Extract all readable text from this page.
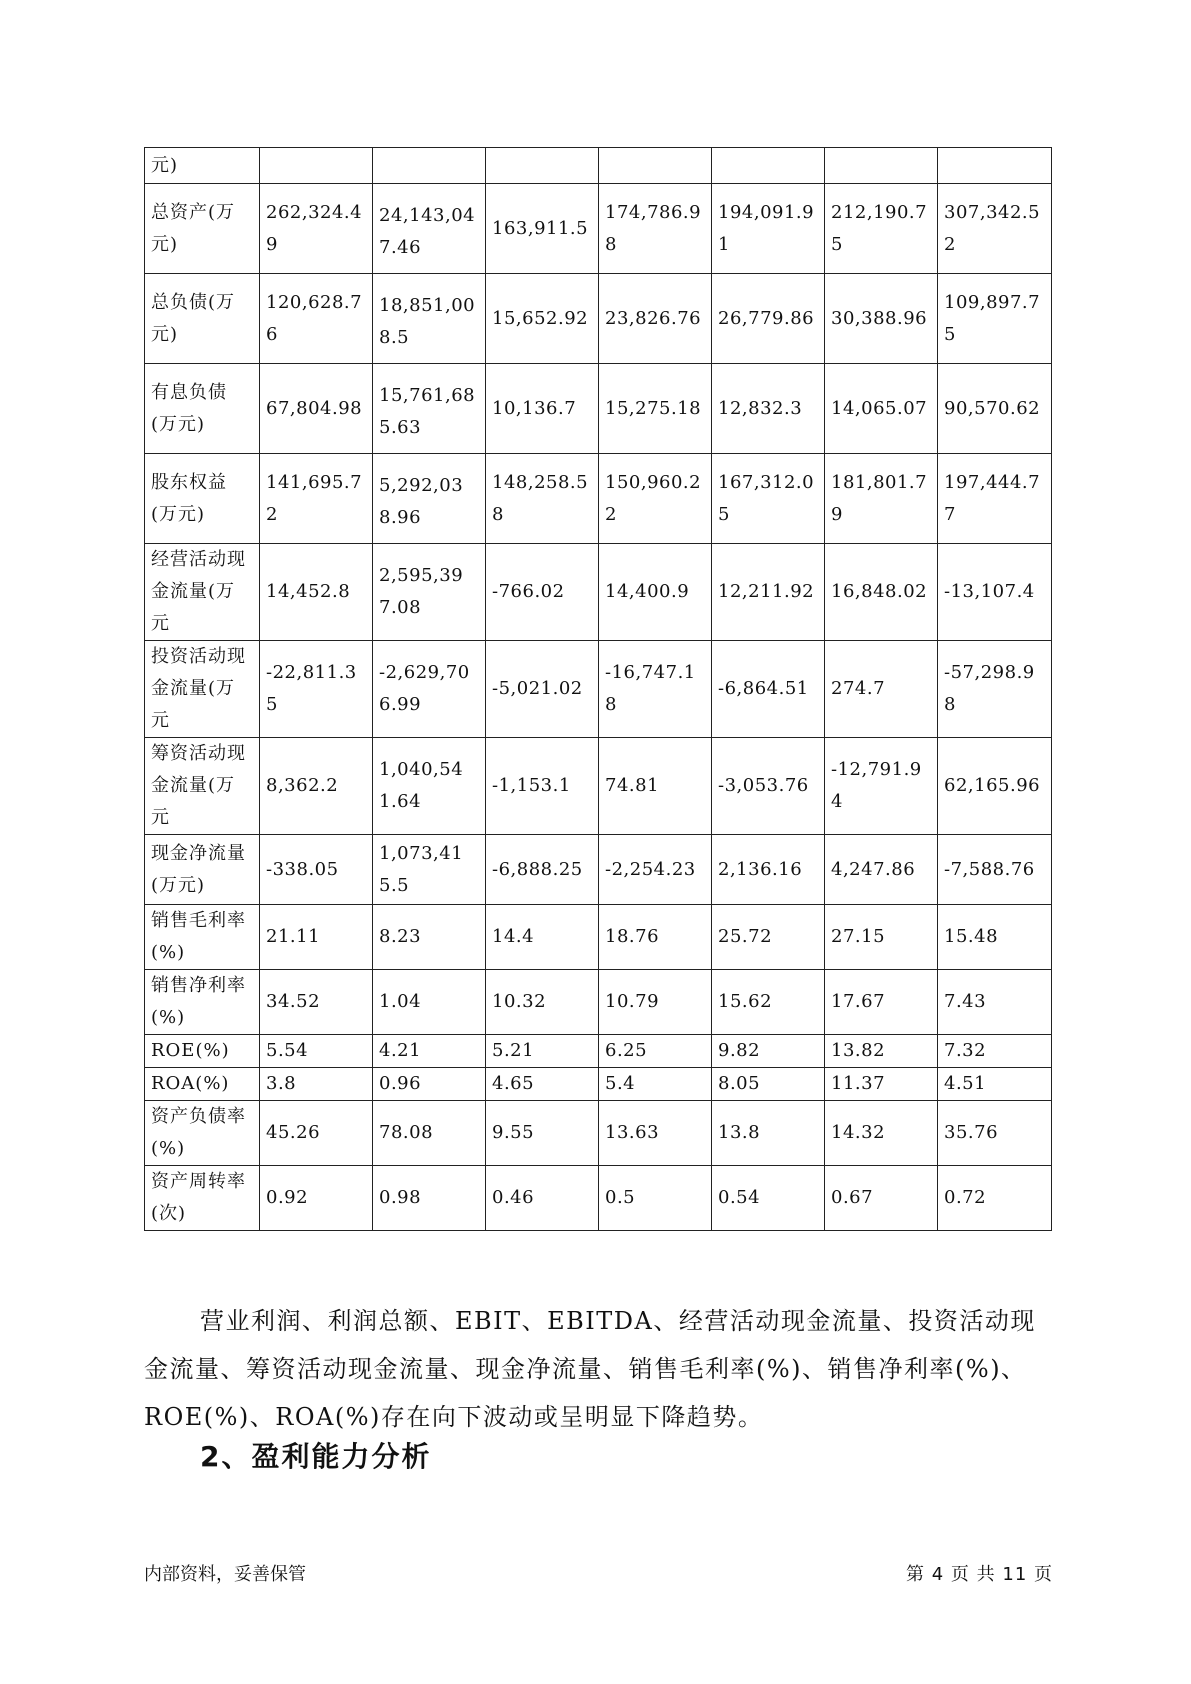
元)							
总资产(万元)	262,324.49	24,143,047.46	163,911.5	174,786.98	194,091.91	212,190.75	307,342.52
总负债(万元)	120,628.76	18,851,008.5	15,652.92	23,826.76	26,779.86	30,388.96	109,897.75
有息负债(万元)	67,804.98	15,761,685.63	10,136.7	15,275.18	12,832.3	14,065.07	90,570.62
股东权益(万元)	141,695.72	5,292,038.96	148,258.58	150,960.22	167,312.05	181,801.79	197,444.77
经营活动现金流量(万元	14,452.8	2,595,397.08	-766.02	14,400.9	12,211.92	16,848.02	-13,107.4
投资活动现金流量(万元	-22,811.35	-2,629,706.99	-5,021.02	-16,747.18	-6,864.51	274.7	-57,298.98
筹资活动现金流量(万元	8,362.2	1,040,541.64	-1,153.1	74.81	-3,053.76	-12,791.94	62,165.96
现金净流量(万元)	-338.05	1,073,415.5	-6,888.25	-2,254.23	2,136.16	4,247.86	-7,588.76
销售毛利率(%)	21.11	8.23	14.4	18.76	25.72	27.15	15.48
销售净利率(%)	34.52	1.04	10.32	10.79	15.62	17.67	7.43
ROE(%)	5.54	4.21	5.21	6.25	9.82	13.82	7.32
ROA(%)	3.8	0.96	4.65	5.4	8.05	11.37	4.51
资产负债率(%)	45.26	78.08	9.55	13.63	13.8	14.32	35.76
资产周转率(次)	0.92	0.98	0.46	0.5	0.54	0.67	0.72

营业利润、利润总额、EBIT、EBITDA、经营活动现金流量、投资活动现金流量、筹资活动现金流量、现金净流量、销售毛利率(%)、销售净利率(%)、ROE(%)、ROA(%)存在向下波动或呈明显下降趋势。

2、盈利能力分析
内部资料，妥善保管	第 4 页 共 11 页
